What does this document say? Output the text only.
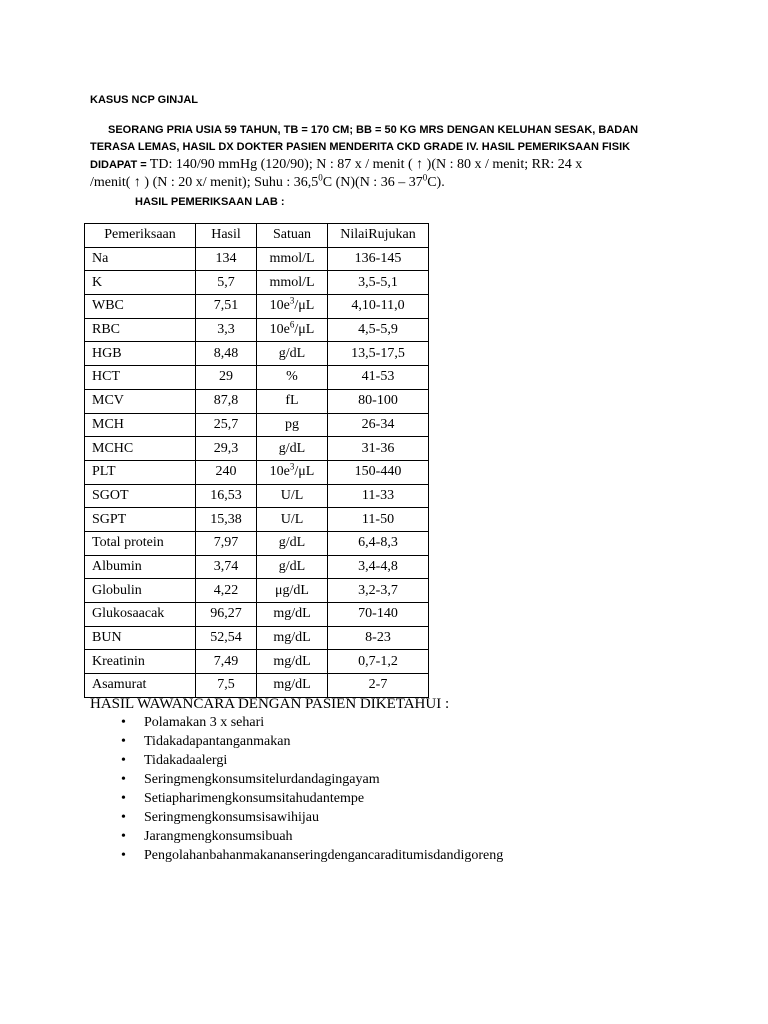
KASUS NCP GINJAL
SEORANG PRIA USIA 59 TAHUN, TB = 170 CM; BB = 50 KG MRS DENGAN KELUHAN SESAK, BADAN
TERASA LEMAS, HASIL DX DOKTER PASIEN MENDERITA CKD GRADE IV. HASIL PEMERIKSAAN FISIK
DIDAPAT = TD: 140/90 mmHg (120/90); N : 87 x / menit ( ↑ )(N : 80 x / menit; RR: 24 x
/menit( ↑ ) (N : 20 x/ menit); Suhu : 36,5$^0$C (N)(N : $36 - 37^0C$).
HASIL PEMERIKSAAN LAB :
Pemeriksaan	Hasil	Satuan	NilaiRujukan
Na	134	mmol/L	136-145
K	5,7	mmol/L	3,5-5,1
WBC	7,51	$10e^3/\mu L$	4,10-11,0
RBC	3,3	$10e^6/\mu L$	4,5-5,9
HGB	8,48	g/dL	13,5-17,5
HCT	29	%	41-53
MCV	87,8	fL	80-100
MCH	25,7	pg	26-34
MCHC	29,3	g/dL	31-36
PLT	240	$10e^3/\mu L$	150-440
SGOT	16,53	U/L	11-33
SGPT	15,38	U/L	11-50
Total protein	7,97	g/dL	6,4-8,3
Albumin	3,74	g/dL	3,4-4,8
Globulin	4,22	μg/dL	3,2-3,7
Glukosaacak	96,27	mg/dL	70-140
BUN	52,54	mg/dL	8-23
Kreatinin	7,49	mg/dL	0,7-1,2
Asamurat	7,5	mg/dL	2-7
HASIL WAWANCARA DENGAN PASIEN DIKETAHUI :
• Polamakan 3 x sehari
• Tidakadapantanganmakan
• Tidakadaalergi
• Seringmengkonsumsitelurdandagingayam
• Setiapharimengkonsumsitahudantempe
• Seringmengkonsumsisawihijau
• Jarangmengkonsumsibuah
• Pengolahanbahanmakananseringdengancaraditumisdandigoreng
